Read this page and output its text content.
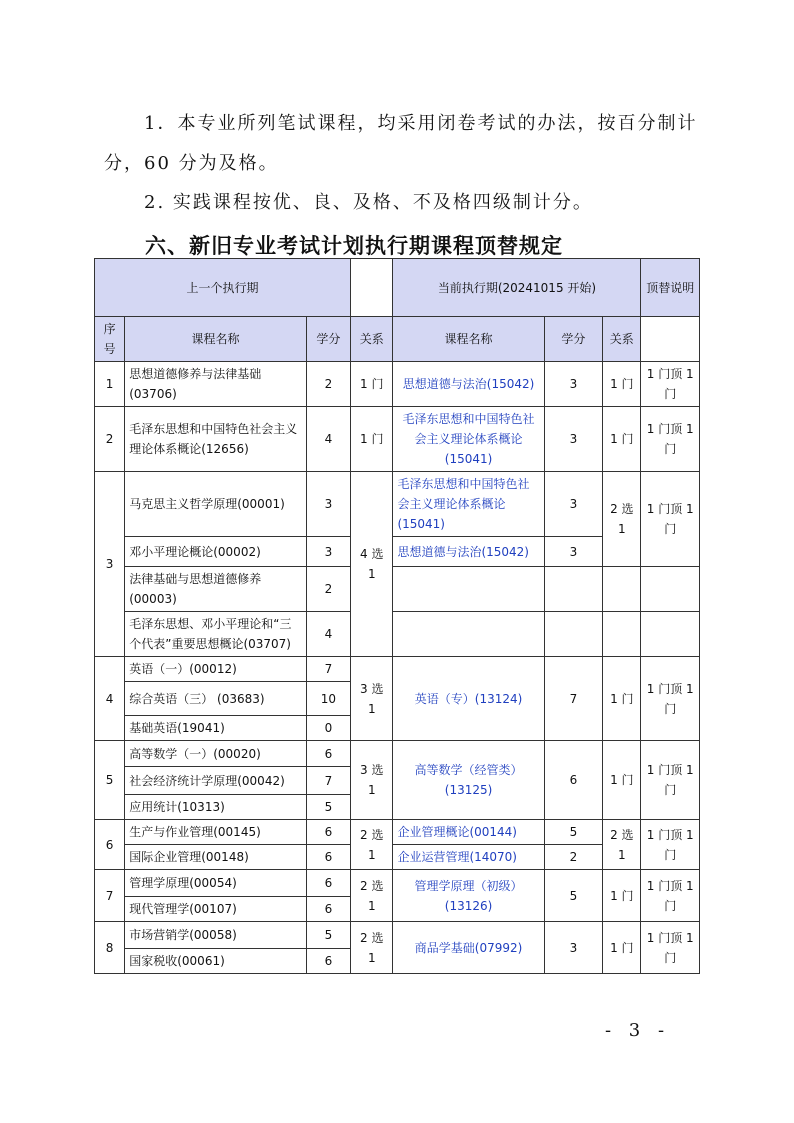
1．本专业所列笔试课程，均采用闭卷考试的办法，按百分制计
分，60 分为及格。
2. 实践课程按优、良、及格、不及格四级制计分。
六、新旧专业考试计划执行期课程顶替规定
上一个执行期				当前执行期(20241015 开始)			顶替说明
序号	课程名称	学分	关系	课程名称	学分	关系	
1	思想道德修养与法律基础(03706)	2	1 门	思想道德与法治(15042)	3	1 门	1 门顶 1 门
2	毛泽东思想和中国特色社会主义理论体系概论(12656)	4	1 门	毛泽东思想和中国特色社会主义理论体系概论(15041)	3	1 门	1 门顶 1 门
3	马克思主义哲学原理(00001)	3	4 选 1	毛泽东思想和中国特色社会主义理论体系概论(15041)	3	2 选 1	1 门顶 1 门
	邓小平理论概论(00002)	3		思想道德与法治(15042)	3		
	法律基础与思想道德修养(00003)	2					
	毛泽东思想、邓小平理论和“三个代表”重要思想概论(03707)	4					
4	英语（一）(00012)	7	3 选 1	英语（专）(13124)	7	1 门	1 门顶 1 门
	综合英语（三） (03683)	10					
	基础英语(19041)	0					
5	高等数学（一）(00020)	6	3 选 1	高等数学（经管类）(13125)	6	1 门	1 门顶 1 门
	社会经济统计学原理(00042)	7					
	应用统计(10313)	5					
6	生产与作业管理(00145)	6	2 选 1	企业管理概论(00144)	5	2 选 1	1 门顶 1 门
	国际企业管理(00148)	6		企业运营管理(14070)	2		
7	管理学原理(00054)	6	2 选 1	管理学原理（初级）(13126)	5	1 门	1 门顶 1 门
	现代管理学(00107)	6					
8	市场营销学(00058)	5	2 选 1	商品学基础(07992)	3	1 门	1 门顶 1 门
	国家税收(00061)	6					
- 3 -
